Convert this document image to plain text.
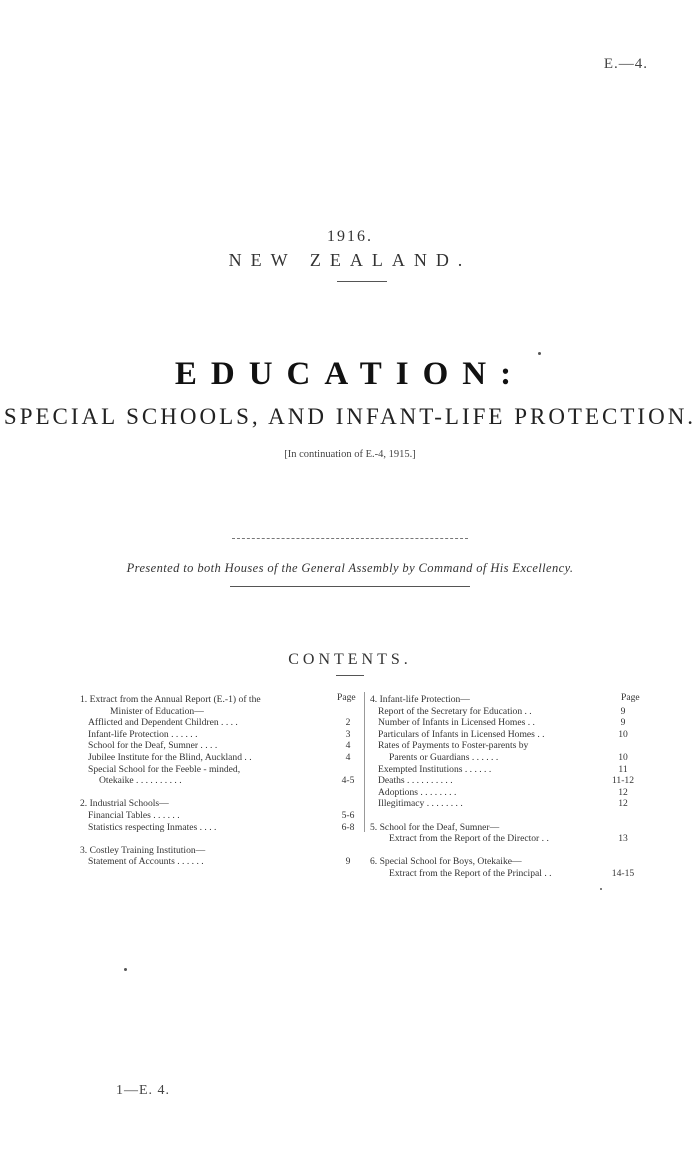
E.—4.
1916.
NEW ZEALAND.
EDUCATION:
SPECIAL SCHOOLS, AND INFANT-LIFE PROTECTION.
[In continuation of E.-4, 1915.]
Presented to both Houses of the General Assembly by Command of His Excellency.
CONTENTS.
Page	Page
1. Extract from the Annual Report (E.-1) of the
Minister of Education—
Afflicted and Dependent Children . . . .	2
Infant-life Protection . . . . . .	3
School for the Deaf, Sumner . . . .	4
Jubilee Institute for the Blind, Auckland . .	4
Special School for the Feeble - minded,
Otekaike . . . . . . . . . .	4-5

2. Industrial Schools—
Financial Tables . . . . . .	5-6
Statistics respecting Inmates . . . .	6-8

3. Costley Training Institution—
Statement of Accounts . . . . . .	9
4. Infant-life Protection—
Report of the Secretary for Education . .	9
Number of Infants in Licensed Homes . .	9
Particulars of Infants in Licensed Homes . .	10
Rates of Payments to Foster-parents by
Parents or Guardians . . . . . .	10
Exempted Institutions . . . . . .	11
Deaths . . . . . . . . . .	11-12
Adoptions . . . . . . . .	12
Illegitimacy . . . . . . . .	12

5. School for the Deaf, Sumner—
Extract from the Report of the Director . .	13

6. Special School for Boys, Otekaike—
Extract from the Report of the Principal . .	14-15
1—E. 4.
